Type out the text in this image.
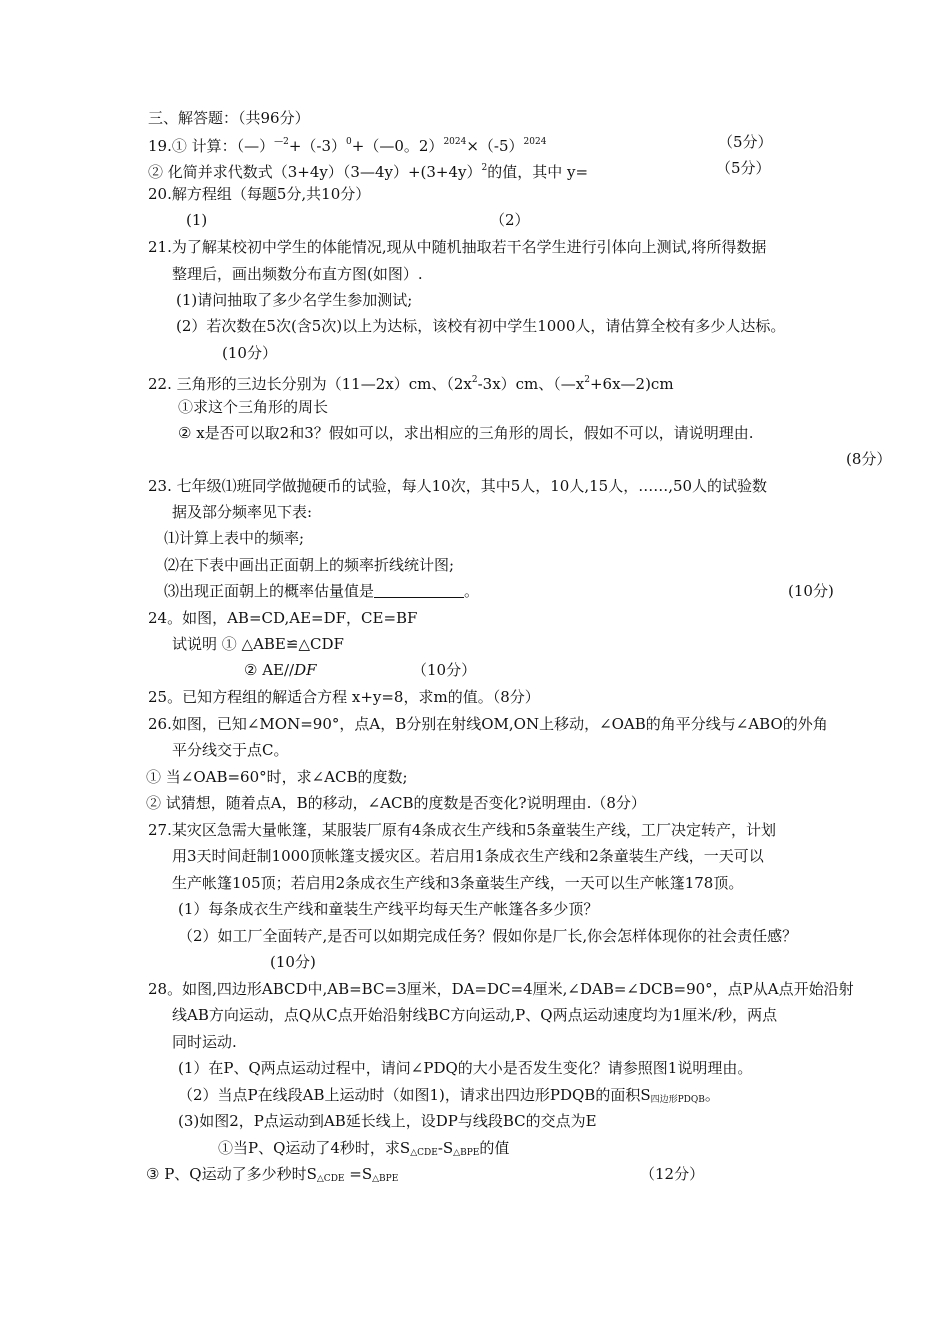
三、解答题：（共96分）
19.① 计算：$(—)^{—2}+(-3)^0+(—0$。$2)^{2024}\times(-5)^{2024}$	（5分）
② 化简并求代数式（3+4y）（3—4y）+(3+4y）$^2$的值，其中 y=	（5分）
20.解方程组（每题5分,共10分）
(1)	（2）
21.为了解某校初中学生的体能情况,现从中随机抽取若干名学生进行引体向上测试,将所得数据
整理后，画出频数分布直方图(如图）.
(1)请问抽取了多少名学生参加测试;
(2）若次数在5次(含5次)以上为达标，该校有初中学生1000人，请估算全校有多少人达标。
(10分）
22. 三角形的三边长分别为（11—2x）cm、$(2x^2-3x)cm$、$(—x^2+6x—2)cm$
①求这个三角形的周长
② x是否可以取2和3？假如可以，求出相应的三角形的周长，假如不可以，请说明理由.
(8分）
23. 七年级⑴班同学做抛硬币的试验，每人10次，其中5人，10人,15人，……,50人的试验数
据及部分频率见下表:
⑴计算上表中的频率;
⑵在下表中画出正面朝上的频率折线统计图;
⑶出现正面朝上的概率估量值是	。	(10分)
24。如图，AB=CD,AE=DF，CE=BF
试说明 ① △ABE≌△CDF
② AE//DF	（10分）
25。已知方程组的解适合方程 x+y=8，求m的值。（8分）
26.如图，已知∠MON=90°，点A，B分别在射线OM,ON上移动，∠OAB的角平分线与∠ABO的外角
平分线交于点C。
① 当∠OAB=60°时，求∠ACB的度数;
② 试猜想，随着点A，B的移动，∠ACB的度数是否变化?说明理由.（8分）
27.某灾区急需大量帐篷，某服装厂原有4条成衣生产线和5条童装生产线，工厂决定转产，计划
用3天时间赶制1000顶帐篷支援灾区。若启用1条成衣生产线和2条童装生产线，一天可以
生产帐篷105顶；若启用2条成衣生产线和3条童装生产线，一天可以生产帐篷178顶。
(1）每条成衣生产线和童装生产线平均每天生产帐篷各多少顶？
（2）如工厂全面转产,是否可以如期完成任务？假如你是厂长,你会怎样体现你的社会责任感？
(10分)
28。如图,四边形ABCD中,AB=BC=3厘米，DA=DC=4厘米,∠DAB=∠DCB=90°，点P从A点开始沿射
线AB方向运动，点Q从C点开始沿射线BC方向运动,P、Q两点运动速度均为1厘米/秒，两点
同时运动.
(1）在P、Q两点运动过程中，请问∠PDQ的大小是否发生变化？请参照图1说明理由。
（2）当点P在线段AB上运动时（如图1)，请求出四边形PDQB的面积$S_{四边形PDQB}$。
(3)如图2，P点运动到AB延长线上，设DP与线段BC的交点为E
①当P、Q运动了4秒时，求$S_{\triangle CDE}-S_{\triangle BPE}$的值
③ P、Q运动了多少秒时$S_{\triangle CDE} =S_{\triangle BPE}$	（12分）
